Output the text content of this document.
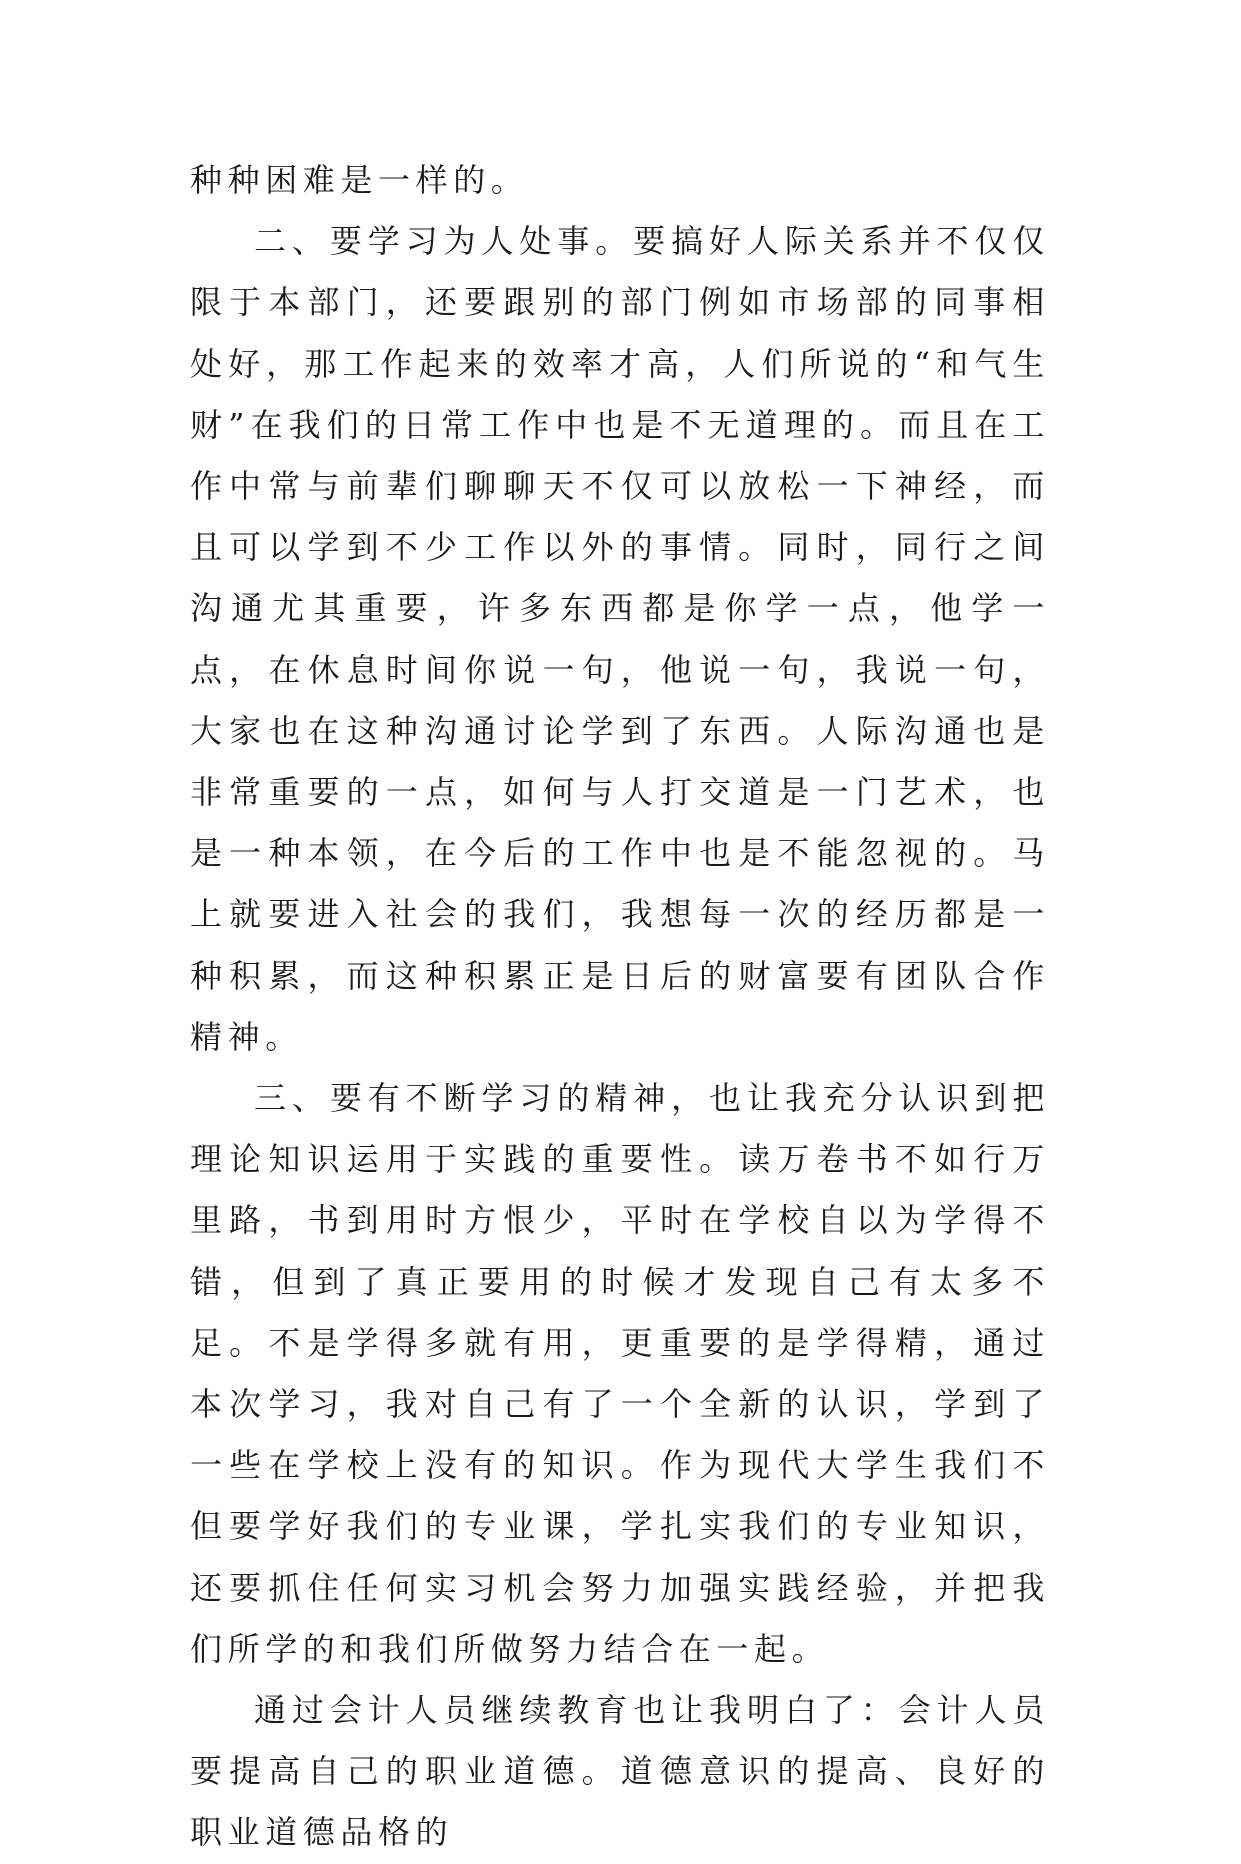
种种困难是一样的。

二、要学习为人处事。要搞好人际关系并不仅仅限于本部门，还要跟别的部门例如市场部的同事相处好，那工作起来的效率才高，人们所说的“和气生财”在我们的日常工作中也是不无道理的。而且在工作中常与前辈们聊聊天不仅可以放松一下神经，而且可以学到不少工作以外的事情。同时，同行之间沟通尤其重要，许多东西都是你学一点，他学一点，在休息时间你说一句，他说一句，我说一句，大家也在这种沟通讨论学到了东西。人际沟通也是非常重要的一点，如何与人打交道是一门艺术，也是一种本领，在今后的工作中也是不能忽视的。马上就要进入社会的我们，我想每一次的经历都是一种积累，而这种积累正是日后的财富要有团队合作精神。

三、要有不断学习的精神，也让我充分认识到把理论知识运用于实践的重要性。读万卷书不如行万里路，书到用时方恨少，平时在学校自以为学得不错，但到了真正要用的时候才发现自己有太多不足。不是学得多就有用，更重要的是学得精，通过本次学习，我对自己有了一个全新的认识，学到了一些在学校上没有的知识。作为现代大学生我们不但要学好我们的专业课，学扎实我们的专业知识，还要抓住任何实习机会努力加强实践经验，并把我们所学的和我们所做努力结合在一起。

通过会计人员继续教育也让我明白了：会计人员要提高自己的职业道德。道德意识的提高、良好的职业道德品格的
